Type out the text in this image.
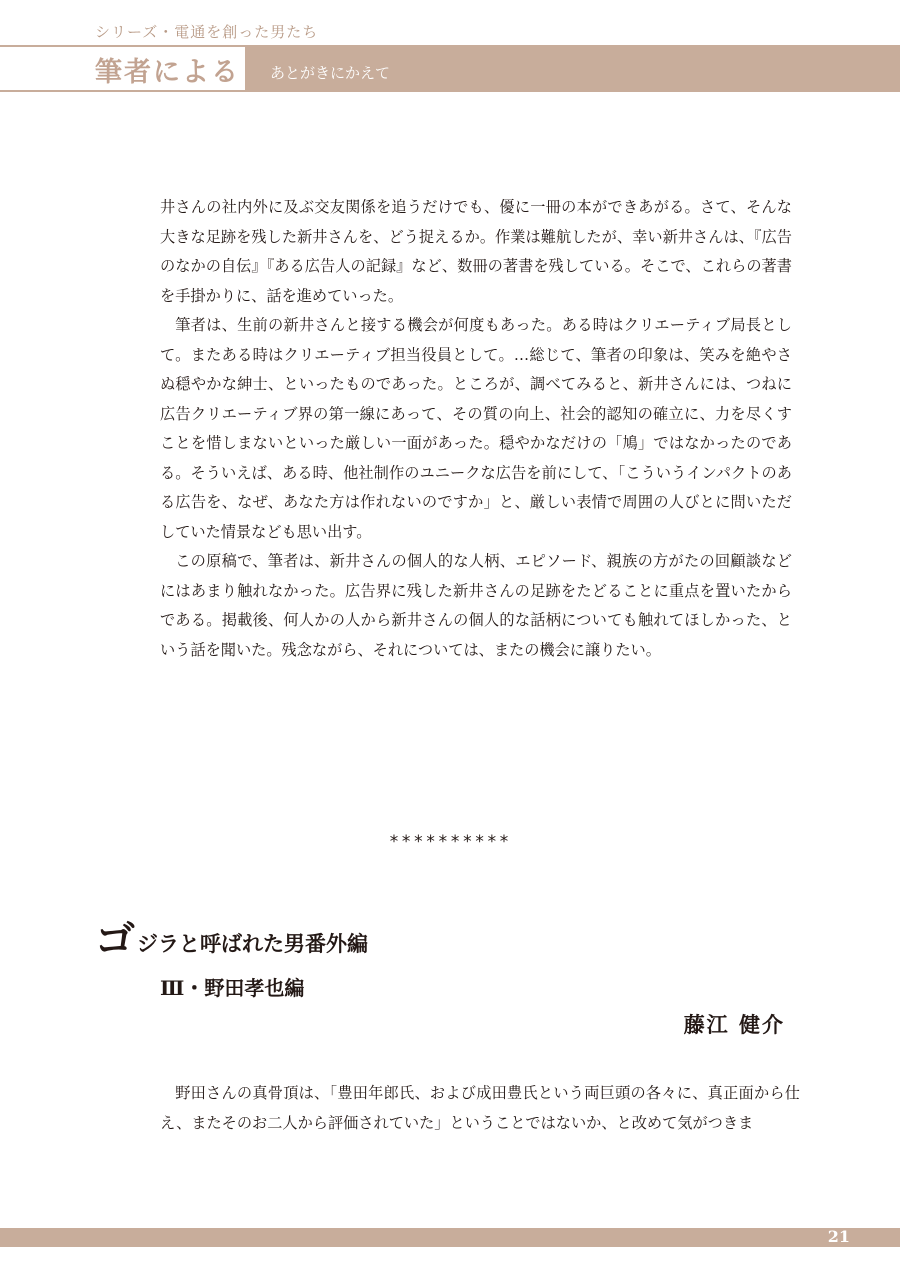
シリーズ・電通を創った男たち
筆者による あとがきにかえて

井さんの社内外に及ぶ交友関係を追うだけでも、優に一冊の本ができあがる。さて、そんな大きな足跡を残した新井さんを、どう捉えるか。作業は難航したが、幸い新井さんは、『広告のなかの自伝』『ある広告人の記録』など、数冊の著書を残している。そこで、これらの著書を手掛かりに、話を進めていった。

筆者は、生前の新井さんと接する機会が何度もあった。ある時はクリエーティブ局長として。またある時はクリエーティブ担当役員として。…総じて、筆者の印象は、笑みを絶やさぬ穏やかな紳士、といったものであった。ところが、調べてみると、新井さんには、つねに広告クリエーティブ界の第一線にあって、その質の向上、社会的認知の確立に、力を尽くすことを惜しまないといった厳しい一面があった。穏やかなだけの「鳩」ではなかったのである。そういえば、ある時、他社制作のユニークな広告を前にして、「こういうインパクトのある広告を、なぜ、あなた方は作れないのですか」と、厳しい表情で周囲の人びとに問いただしていた情景なども思い出す。

この原稿で、筆者は、新井さんの個人的な人柄、エピソード、親族の方がたの回顧談などにはあまり触れなかった。広告界に残した新井さんの足跡をたどることに重点を置いたからである。掲載後、何人かの人から新井さんの個人的な話柄についても触れてほしかった、という話を聞いた。残念ながら、それについては、またの機会に譲りたい。

**********
ゴジラと呼ばれた男番外編
Ⅲ・野田孝也編
藤江 健介

野田さんの真骨頂は、「豊田年郎氏、および成田豊氏という両巨頭の各々に、真正面から仕え、またそのお二人から評価されていた」ということではないか、と改めて気がつきま

21
